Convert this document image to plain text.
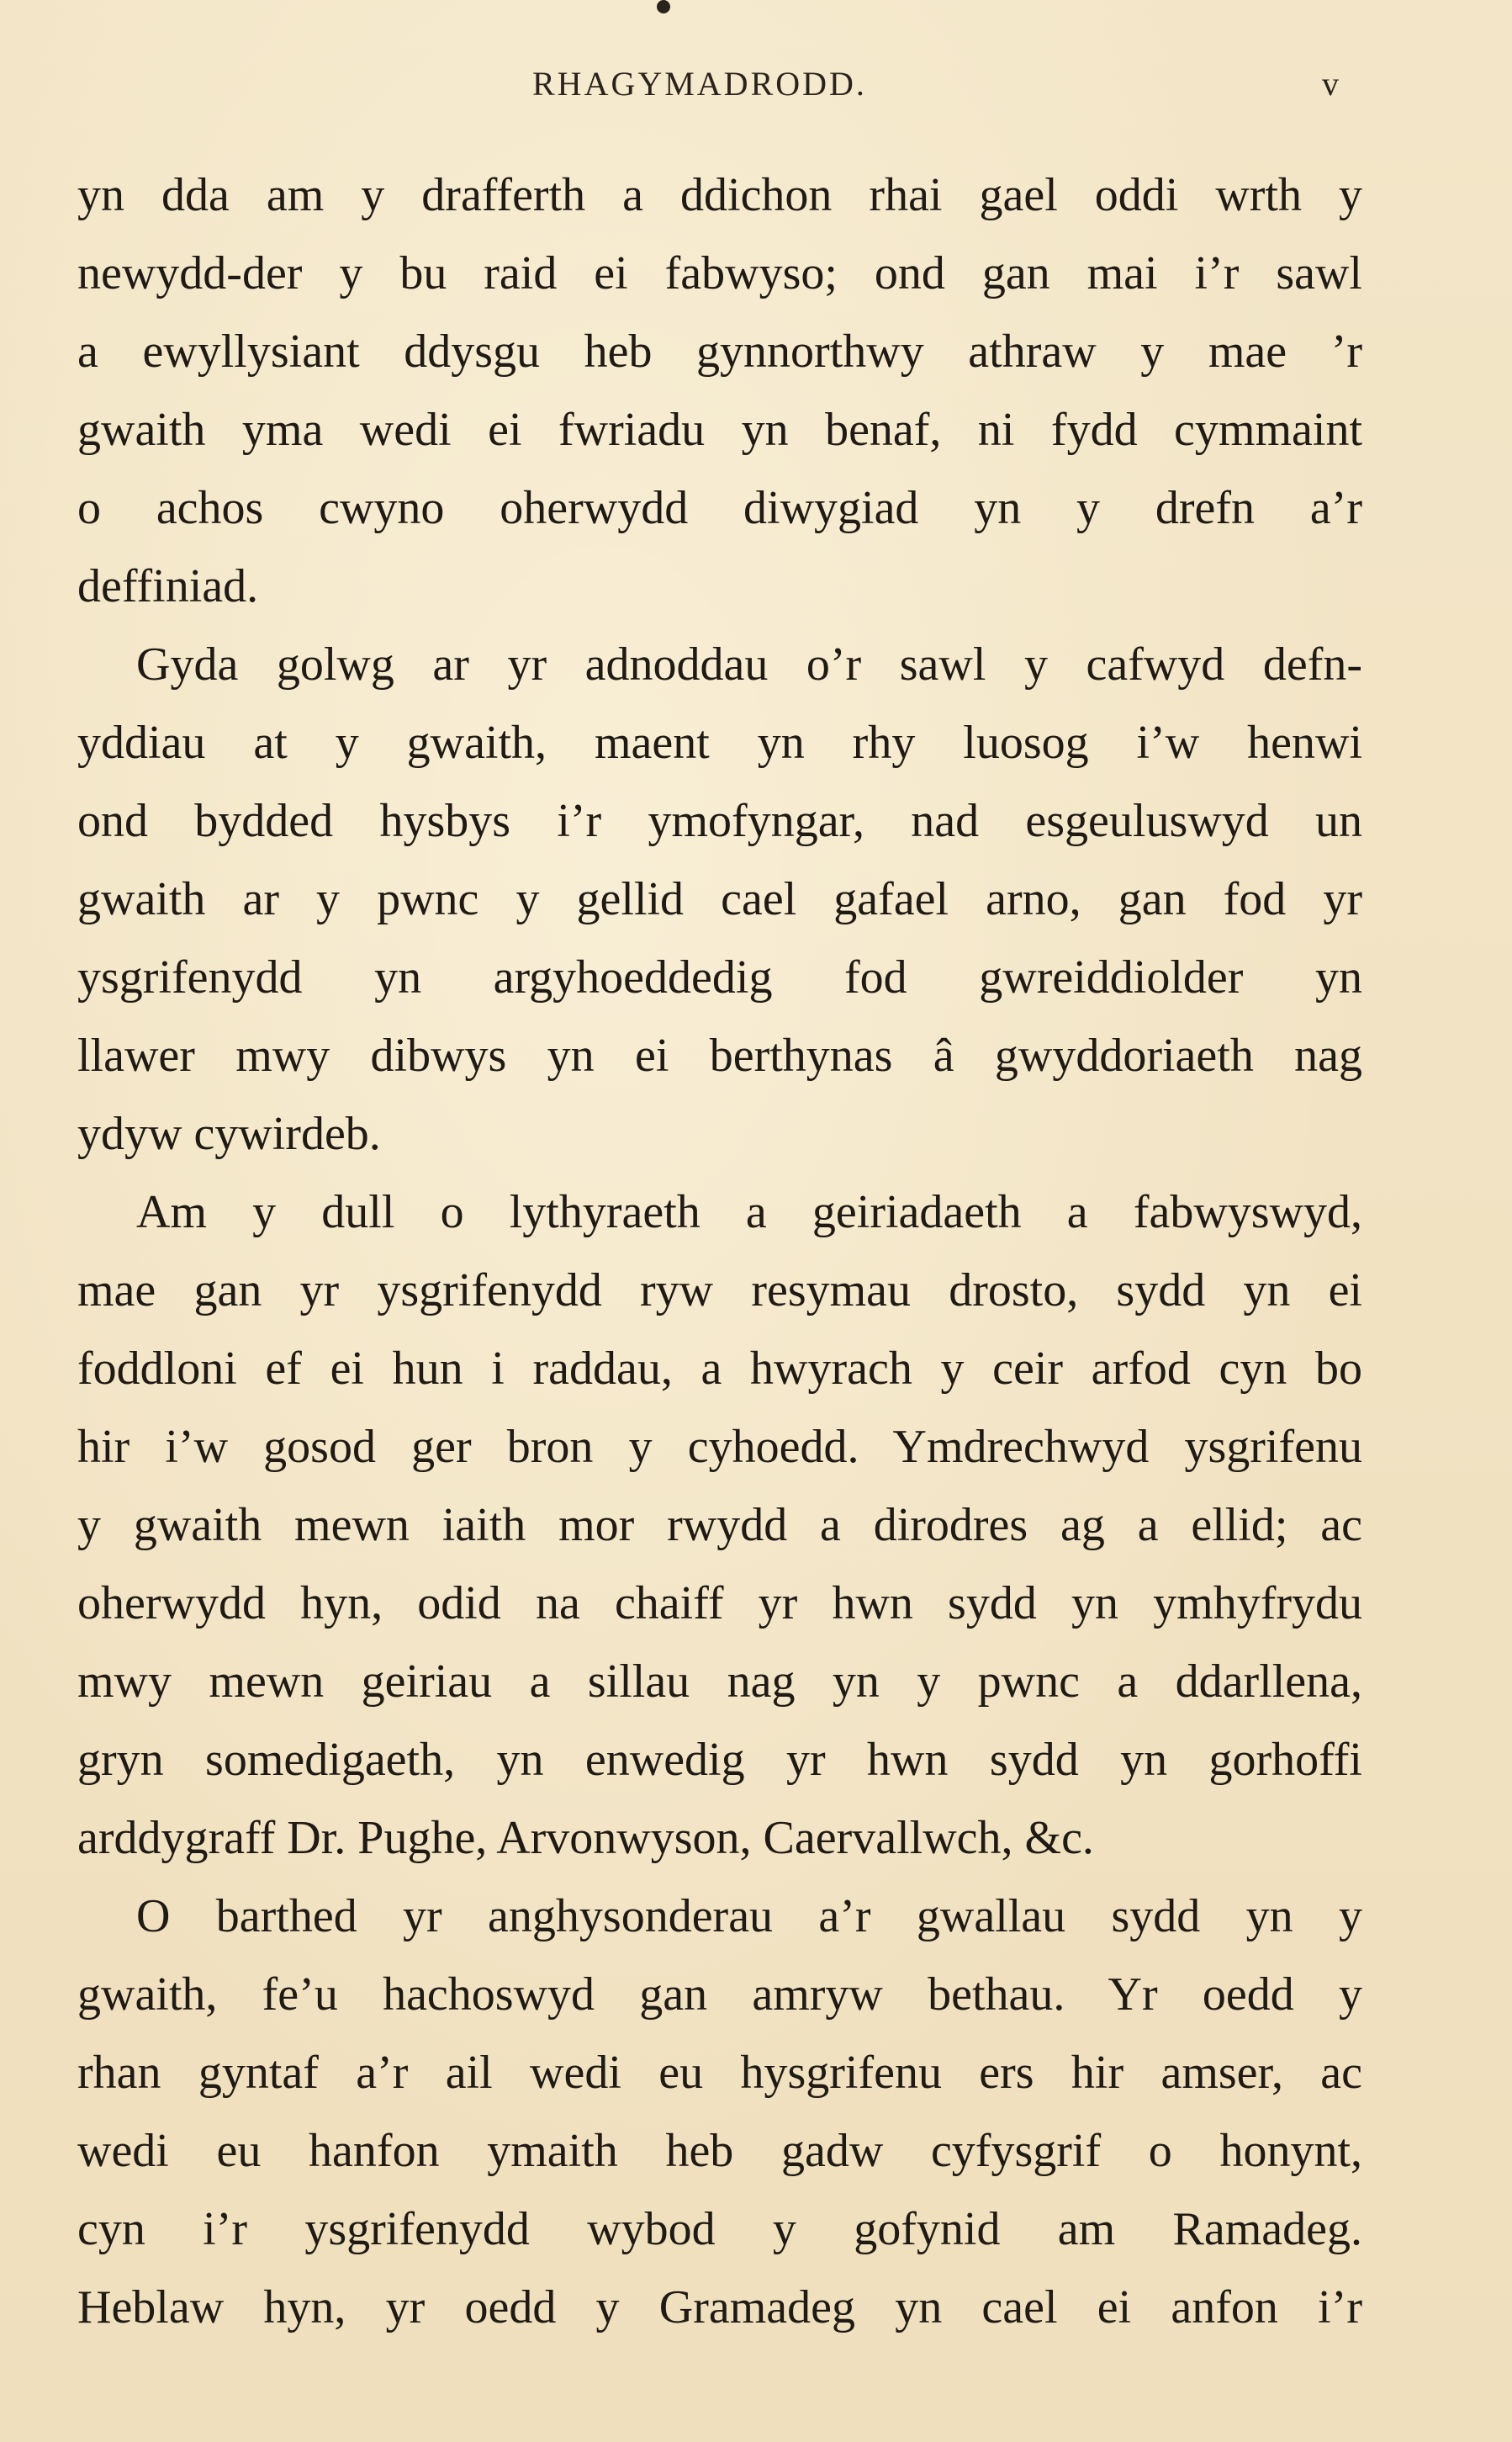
RHAGYMADRODD.	v
yn dda am y drafferth a ddichon rhai gael oddi wrth y
newydd-der y bu raid ei fabwyso; ond gan mai i’r sawl
a ewyllysiant ddysgu heb gynnorthwy athraw y mae ’r
gwaith yma wedi ei fwriadu yn benaf, ni fydd cymmaint
o achos cwyno oherwydd diwygiad yn y drefn a’r
deffiniad.
Gyda golwg ar yr adnoddau o’r sawl y cafwyd defn-
yddiau at y gwaith, maent yn rhy luosog i’w henwi
ond bydded hysbys i’r ymofyngar, nad esgeuluswyd un
gwaith ar y pwnc y gellid cael gafael arno, gan fod yr
ysgrifenydd yn argyhoeddedig fod gwreiddiolder yn
llawer mwy dibwys yn ei berthynas â gwyddoriaeth nag
ydyw cywirdeb.
Am y dull o lythyraeth a geiriadaeth a fabwyswyd,
mae gan yr ysgrifenydd ryw resymau drosto, sydd yn ei
foddloni ef ei hun i raddau, a hwyrach y ceir arfod cyn bo
hir i’w gosod ger bron y cyhoedd. Ymdrechwyd ysgrifenu
y gwaith mewn iaith mor rwydd a dirodres ag a ellid; ac
oherwydd hyn, odid na chaiff yr hwn sydd yn ymhyfrydu
mwy mewn geiriau a sillau nag yn y pwnc a ddarllena,
gryn somedigaeth, yn enwedig yr hwn sydd yn gorhoffi
arddygraff Dr. Pughe, Arvonwyson, Caervallwch, &c.
O barthed yr anghysonderau a’r gwallau sydd yn y
gwaith, fe’u hachoswyd gan amryw bethau. Yr oedd y
rhan gyntaf a’r ail wedi eu hysgrifenu ers hir amser, ac
wedi eu hanfon ymaith heb gadw cyfysgrif o honynt,
cyn i’r ysgrifenydd wybod y gofynid am Ramadeg.
Heblaw hyn, yr oedd y Gramadeg yn cael ei anfon i’r
